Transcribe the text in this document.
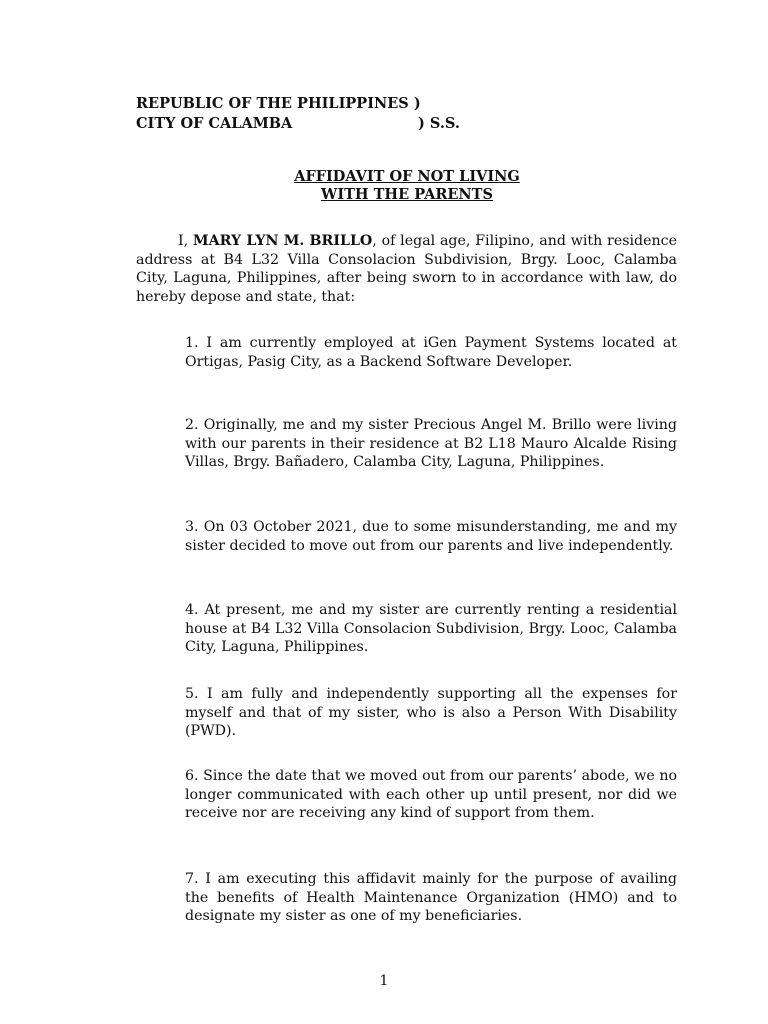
REPUBLIC OF THE PHILIPPINES )
CITY OF CALAMBA	) S.S.
AFFIDAVIT OF NOT LIVING
WITH THE PARENTS
I, MARY LYN M. BRILLO, of legal age, Filipino, and with residence address at B4 L32 Villa Consolacion Subdivision, Brgy. Looc, Calamba City, Laguna, Philippines, after being sworn to in accordance with law, do hereby depose and state, that:
1. I am currently employed at iGen Payment Systems located at Ortigas, Pasig City, as a Backend Software Developer.
2. Originally, me and my sister Precious Angel M. Brillo were living with our parents in their residence at B2 L18 Mauro Alcalde Rising Villas, Brgy. Bañadero, Calamba City, Laguna, Philippines.
3. On 03 October 2021, due to some misunderstanding, me and my sister decided to move out from our parents and live independently.
4. At present, me and my sister are currently renting a residential house at B4 L32 Villa Consolacion Subdivision, Brgy. Looc, Calamba City, Laguna, Philippines.
5. I am fully and independently supporting all the expenses for myself and that of my sister, who is also a Person With Disability (PWD).
6. Since the date that we moved out from our parents’ abode, we no longer communicated with each other up until present, nor did we receive nor are receiving any kind of support from them.
7. I am executing this affidavit mainly for the purpose of availing the benefits of Health Maintenance Organization (HMO) and to designate my sister as one of my beneficiaries.
1
